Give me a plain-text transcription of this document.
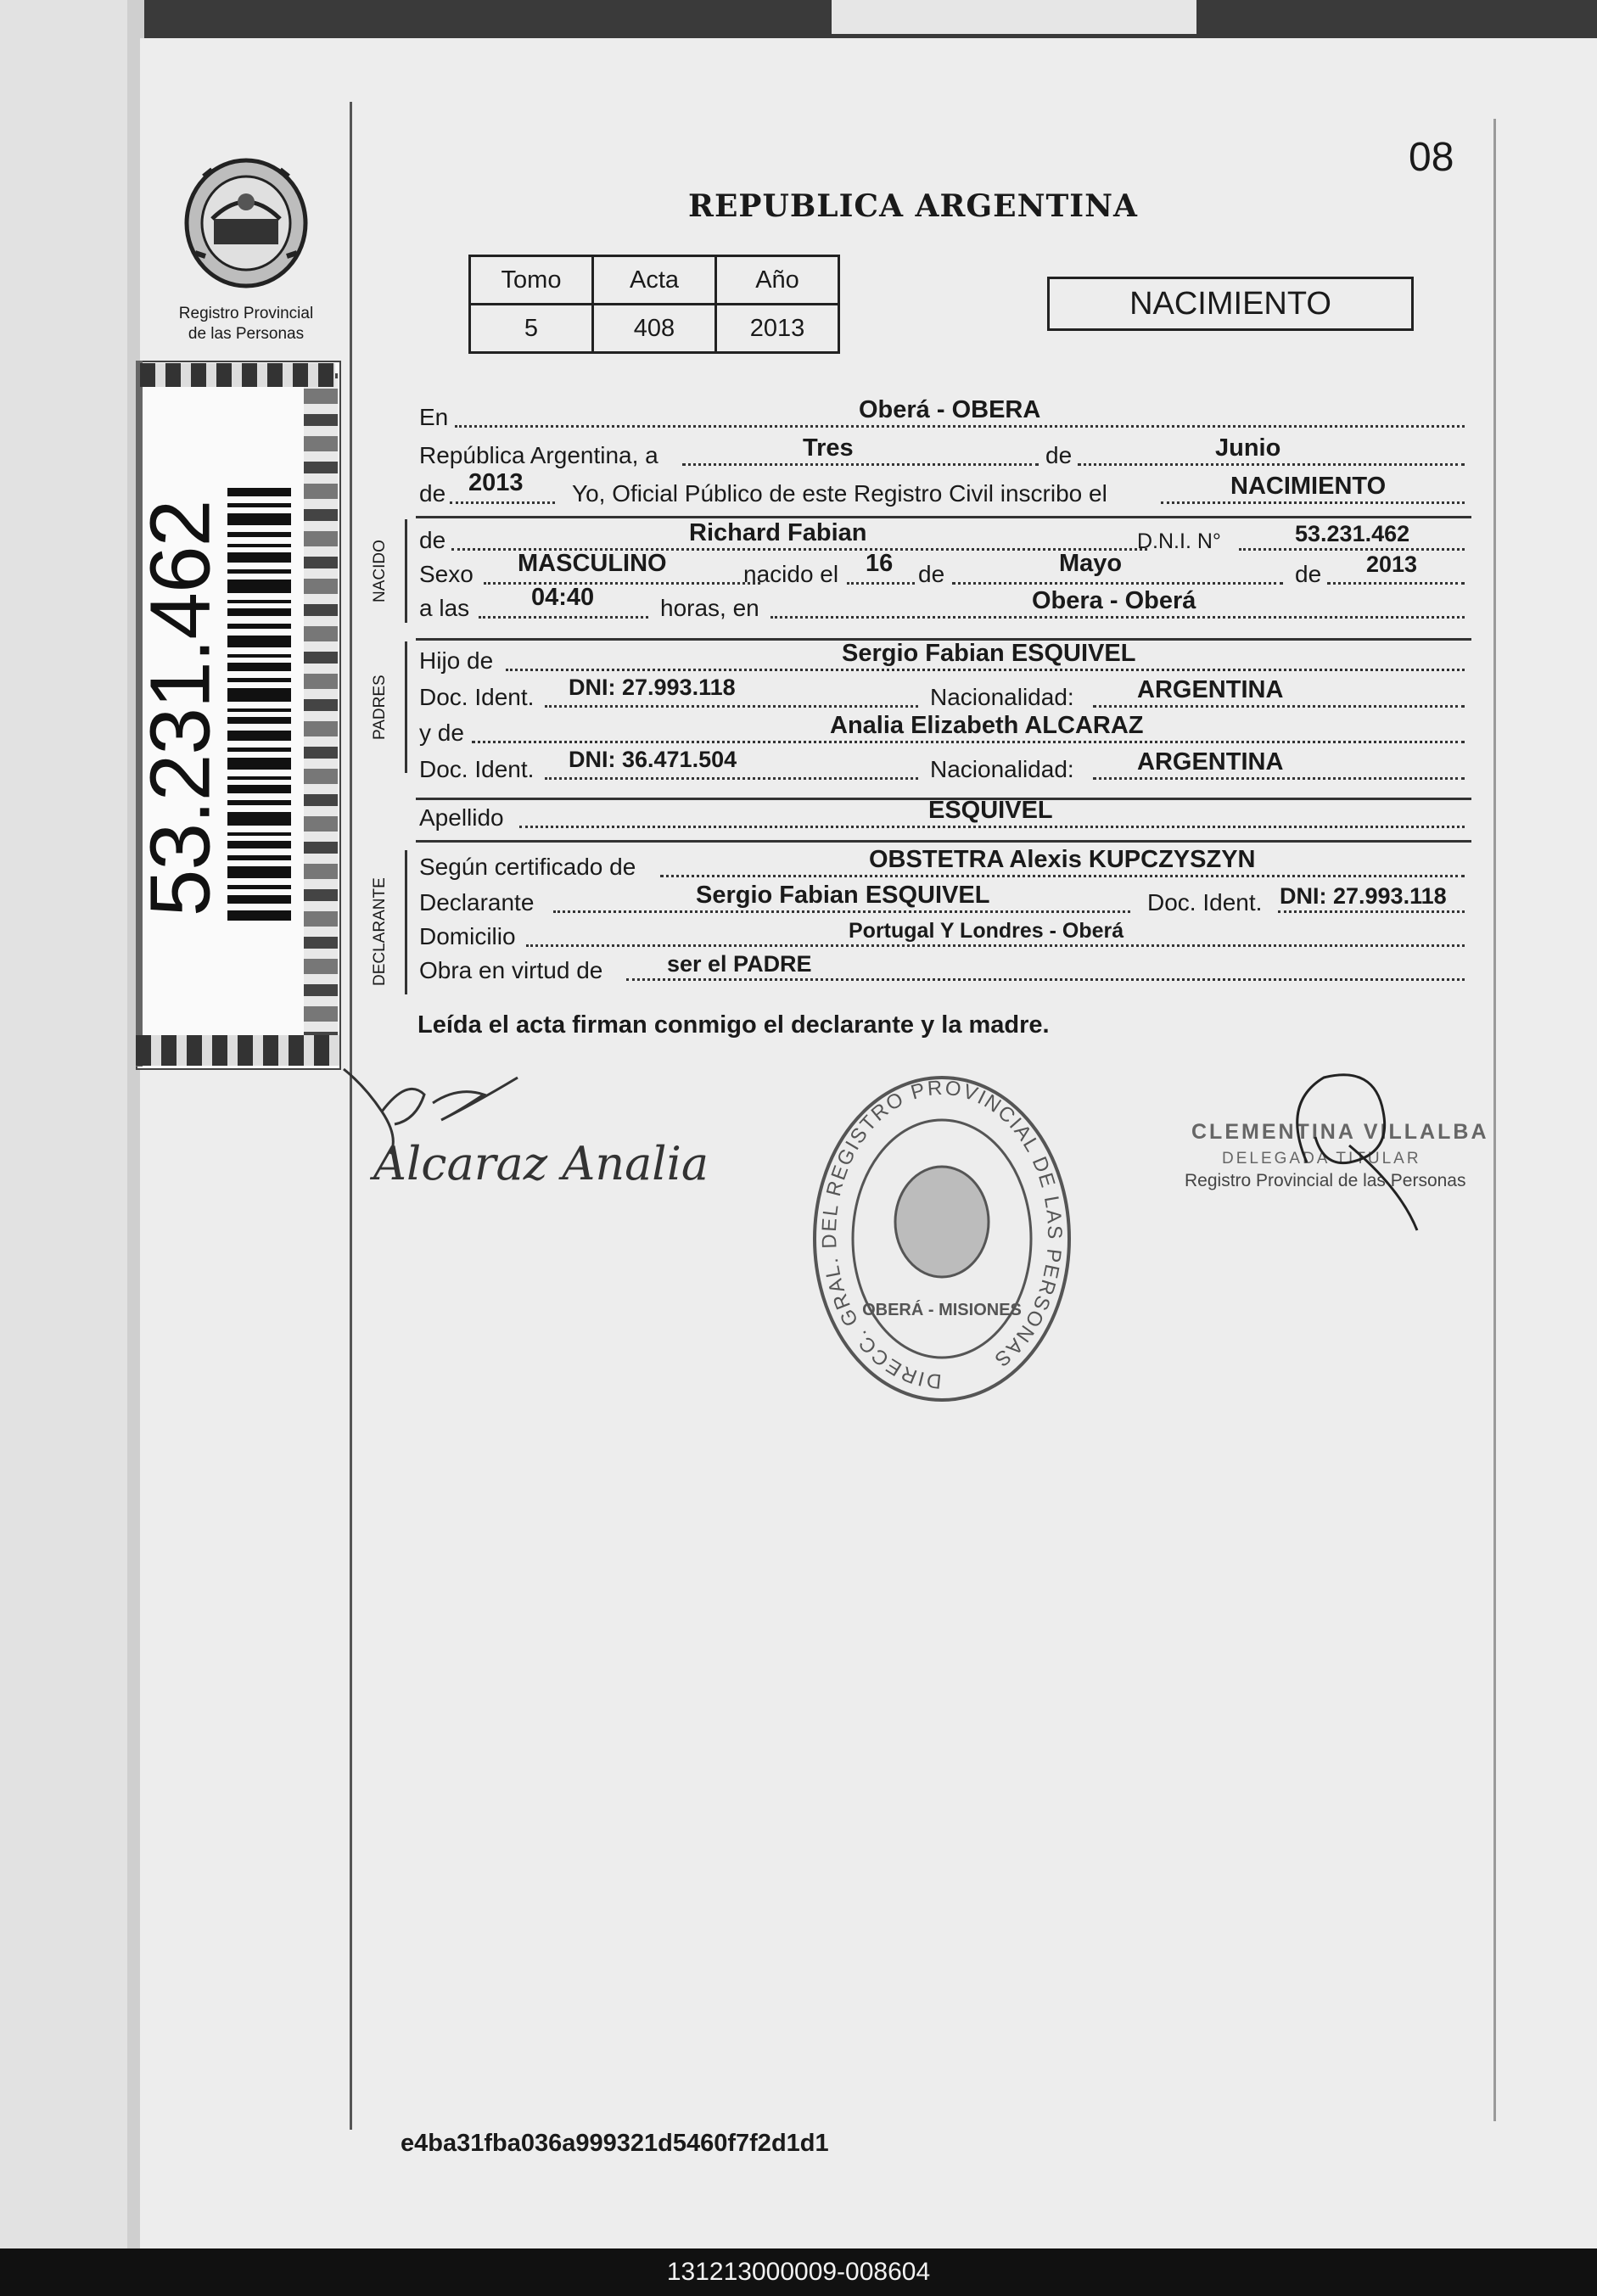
Registro Provincial
de las Personas
53.231.462
08
REPUBLICA ARGENTINA
Tomo	Acta	Año
5	408	2013
NACIMIENTO
En	Oberá - OBERA
República Argentina, a	Tres	de	Junio
de 2013 Yo, Oficial Público de este Registro Civil inscribo el	NACIMIENTO
NACIDO de	Richard Fabian	D.N.I. N°	53.231.462
Sexo MASCULINO	nacido el 16 de	Mayo	de 2013
a las	04:40	horas, en	Obera - Oberá
PADRES
Hijo de	Sergio Fabian ESQUIVEL
Doc. Ident. DNI: 27.993.118	Nacionalidad:	ARGENTINA
y de	Analia Elizabeth ALCARAZ
Doc. Ident. DNI: 36.471.504	Nacionalidad:	ARGENTINA
Apellido	ESQUIVEL
DECLARANTE
Según certificado de	OBSTETRA Alexis KUPCZYSZYN
Declarante	Sergio Fabian ESQUIVEL	Doc. Ident. DNI: 27.993.118
Domicilio	Portugal Y Londres - Oberá
Obra en virtud de	ser el PADRE
Leída el acta firman conmigo el declarante y la madre.
Alcaraz Analia
DIRECC. GRAL. DEL REGISTRO PROVINCIAL DE LAS PERSONAS
OBERÁ - MISIONES
CLEMENTINA VILLALBA
DELEGADA TITULAR
Registro Provincial de las Personas
e4ba31fba036a999321d5460f7f2d1d1
131213000009-008604
